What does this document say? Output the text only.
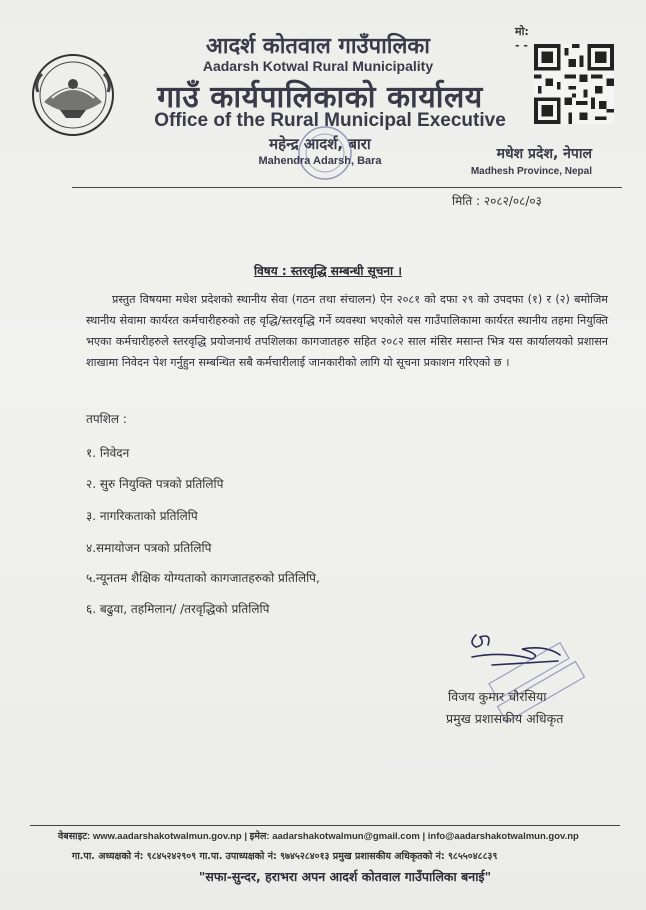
आदर्श कोतवाल गाउँपालिका
Aadarsh Kotwal Rural Municipality
गाउँ कार्यपालिकाको कार्यालय
Office of the Rural Municipal Executive
महेन्द्र आदर्श, बारा
Mahendra Adarsh, Bara
मो:
- -
मधेश प्रदेश, नेपाल
Madhesh Province, Nepal
मिति : २०८२/०८/०३
विषय : स्तरवृद्धि सम्बन्धी सूचना ।
प्रस्तुत विषयमा मधेश प्रदेशको स्थानीय सेवा (गठन तथा संचालन) ऐन २०८१ को दफा २९ को उपदफा (१) र (२) बमोजिम स्थानीय सेवामा कार्यरत कर्मचारीहरुको तह वृद्धि/स्तरवृद्धि गर्ने व्यवस्था भएकोले यस गाउँपालिकामा कार्यरत स्थानीय तहमा नियुक्ति भएका कर्मचारीहरुले स्तरवृद्धि प्रयोजनार्थ तपशिलका कागजातहरु सहित २०८२ साल मंसिर मसान्त भित्र यस कार्यालयको प्रशासन शाखामा निवेदन पेश गर्नुहुन सम्बन्धित सबै कर्मचारीलाई जानकारीको लागि यो सूचना प्रकाशन गरिएको छ ।
तपशिल :
१. निवेदन
२. सुरु नियुक्ति पत्रको प्रतिलिपि
३. नागरिकताको प्रतिलिपि
४.समायोजन पत्रको प्रतिलिपि
५.न्यूनतम शैक्षिक योग्यताको कागजातहरुको प्रतिलिपि,
६. बढुवा, तहमिलान/ /तरवृद्धिको प्रतिलिपि
विजय कुमार चौरसिया
प्रमुख प्रशासकीय अधिकृत
वेबसाइट: www.aadarshakotwalmun.gov.np | इमेल: aadarshakotwalmun@gmail.com | info@aadarshakotwalmun.gov.np
गा.पा. अध्यक्षको नं: ९८४५२४२९०९ गा.पा. उपाध्यक्षको नं: ९७४५२८४०१३ प्रमुख प्रशासकीय अधिकृतको नं: ९८५५०४८८३९
"सफा-सुन्दर, हराभरा अपन आदर्श कोतवाल गाउँपालिका बनाई"
